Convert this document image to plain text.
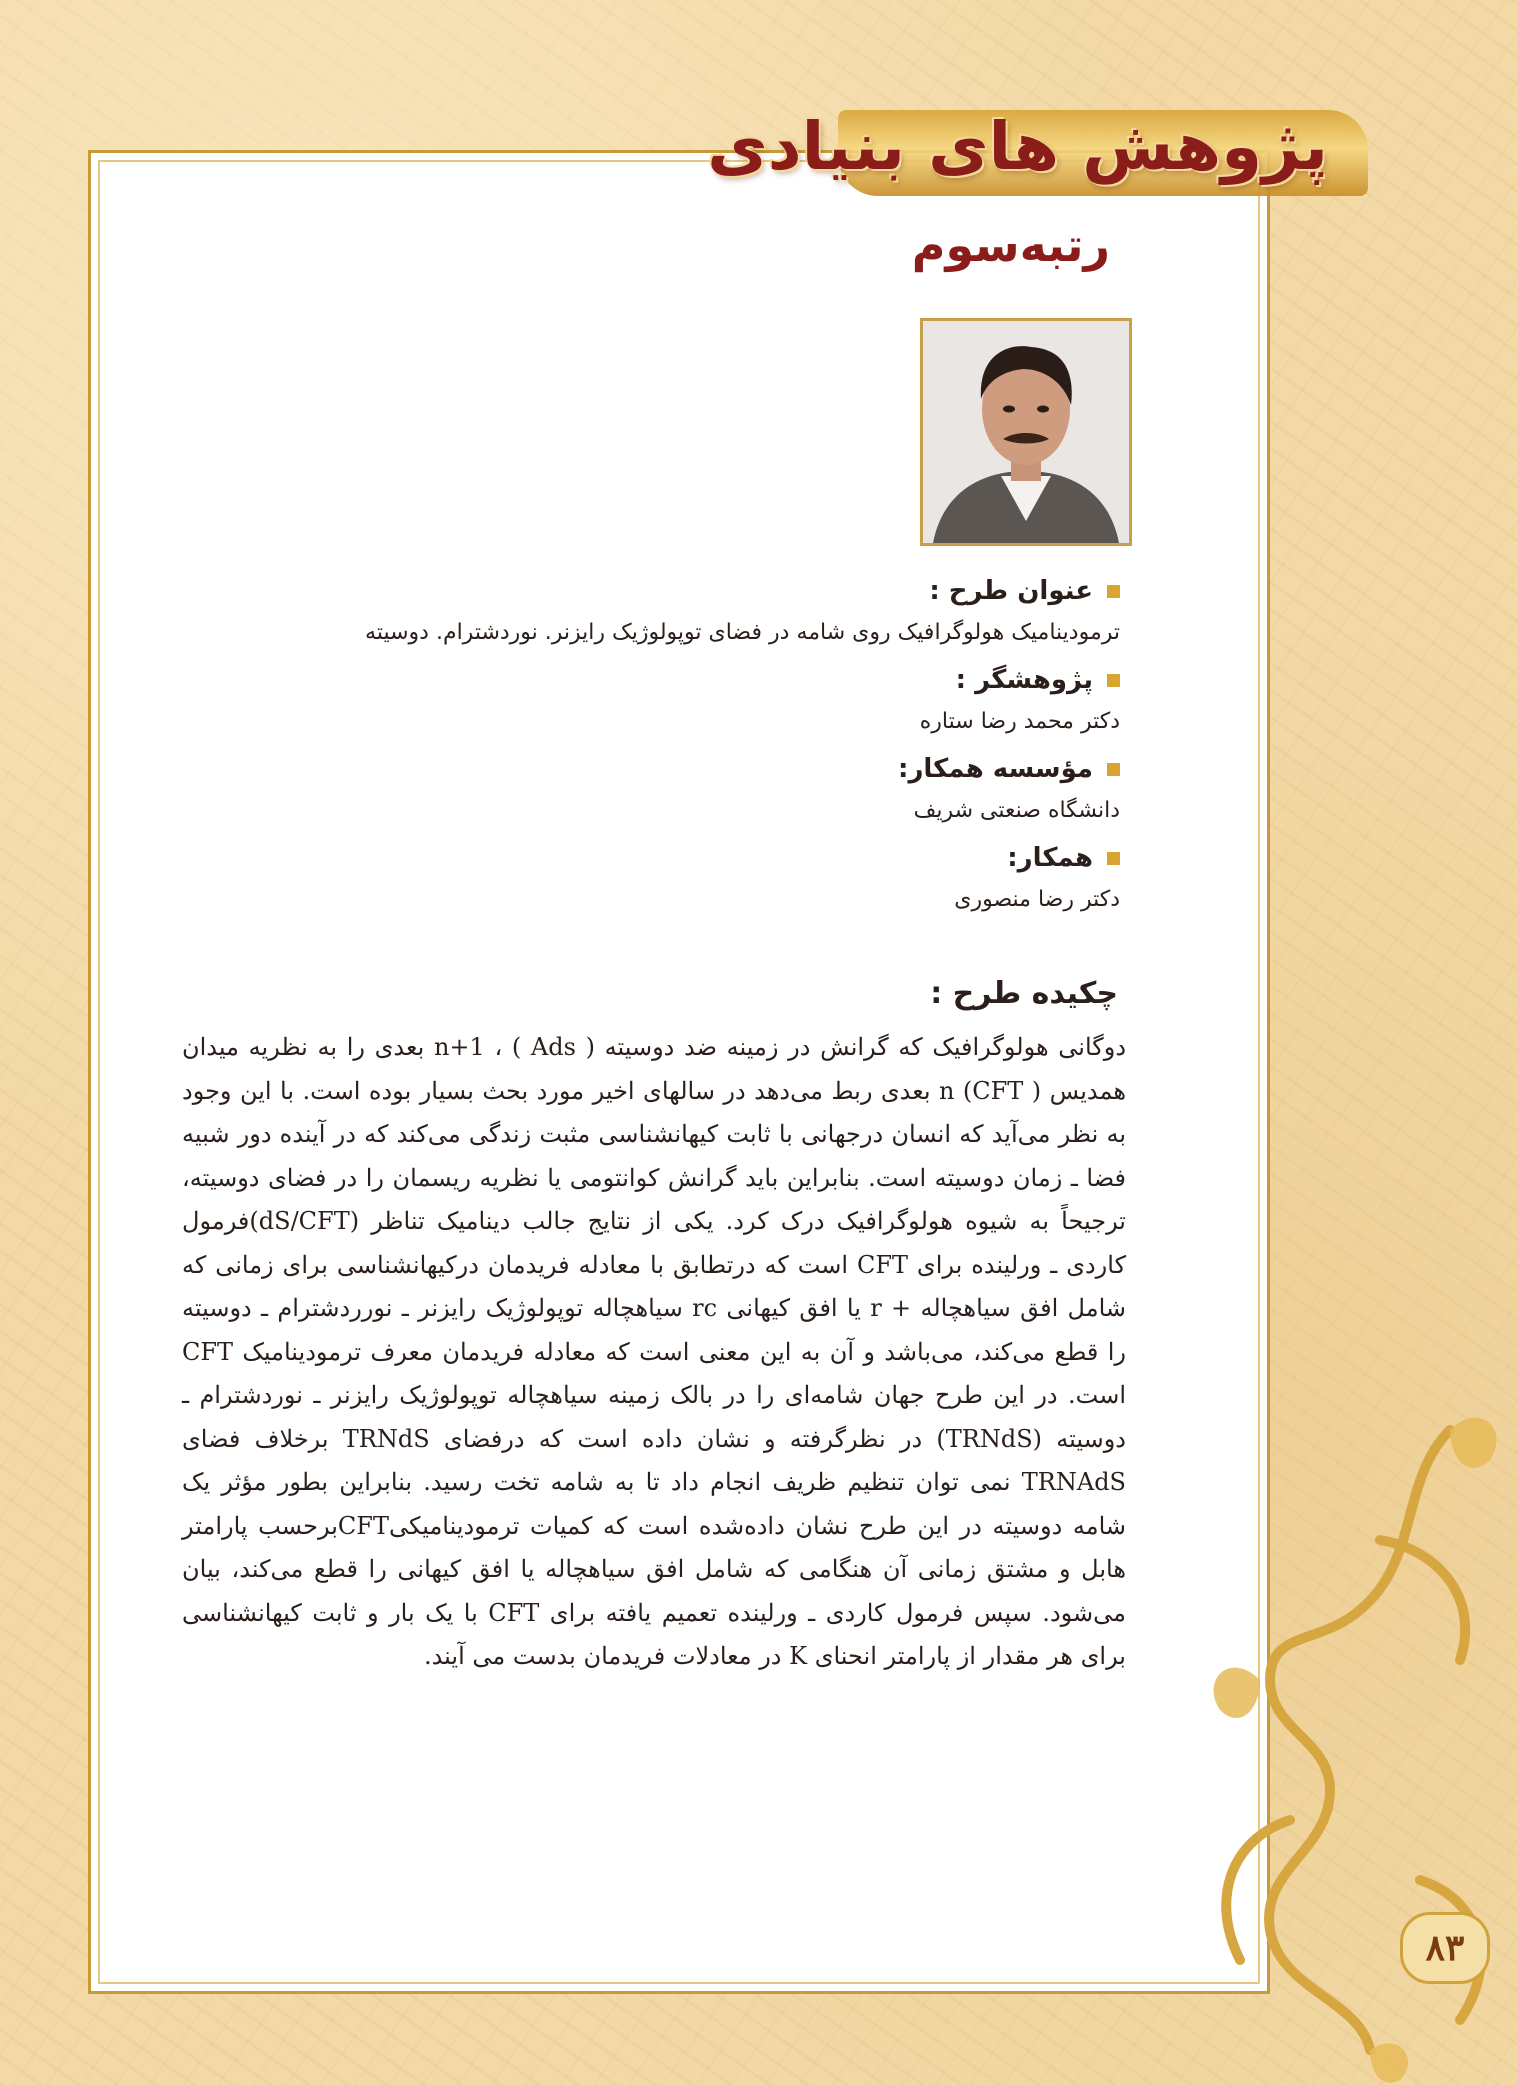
پژوهش های بنیادی
رتبه‌سوم
عنوان طرح :
ترمودینامیک هولوگرافیک روی شامه در فضای توپولوژیک رایزنر. نوردشترام. دوسیته
پژوهشگر :
دکتر محمد رضا ستاره
مؤسسه همکار:
دانشگاه صنعتی شریف
همکار:
دکتر رضا منصوری
چکیده طرح :
دوگانی هولوگرافیک که گرانش در زمینه ضد دوسیته ( Ads ) ، n+1 بعدی را به نظریه میدان همدیس ( n (CFT بعدی ربط می‌دهد در سالهای اخیر مورد بحث بسیار بوده است. با این وجود به نظر می‌آید که انسان درجهانی با ثابت کیهانشناسی مثبت زندگی می‌کند که در آینده دور شبیه فضا ـ زمان دوسیته است. بنابراین باید گرانش کوانتومی یا نظریه ریسمان را در فضای دوسیته، ترجیحاً به شیوه هولوگرافیک درک کرد. یکی از نتایج جالب دینامیک تناظر (dS/CFT)فرمول کاردی ـ ورلینده برای CFT است که درتطابق با معادله فریدمان درکیهانشناسی برای زمانی که شامل افق سیاهچاله + r یا افق کیهانی rc سیاهچاله توپولوژیک رایزنر ـ نورردشترام ـ دوسیته را قطع می‌کند، می‌باشد و آن به این معنی است که معادله فریدمان معرف ترمودینامیک CFT است. در این طرح جهان شامه‌ای را در بالک زمینه سیاهچاله توپولوژیک رایزنر ـ نوردشترام ـ دوسیته (TRNdS) در نظرگرفته و نشان داده است که درفضای TRNdS برخلاف فضای TRNAdS نمی توان تنظیم ظریف انجام داد تا به شامه تخت رسید. بنابراین بطور مؤثر یک شامه دوسیته در این طرح نشان داده‌شده است که کمیات ترمودینامیکیCFTبرحسب پارامتر هابل و مشتق زمانی آن هنگامی که شامل افق سیاهچاله یا افق کیهانی را قطع می‌کند، بیان می‌شود. سپس فرمول کاردی ـ ورلینده تعمیم یافته برای CFT با یک بار و ثابت کیهانشناسی برای هر مقدار از پارامتر انحنای K در معادلات فریدمان بدست می آیند.
۸۳
